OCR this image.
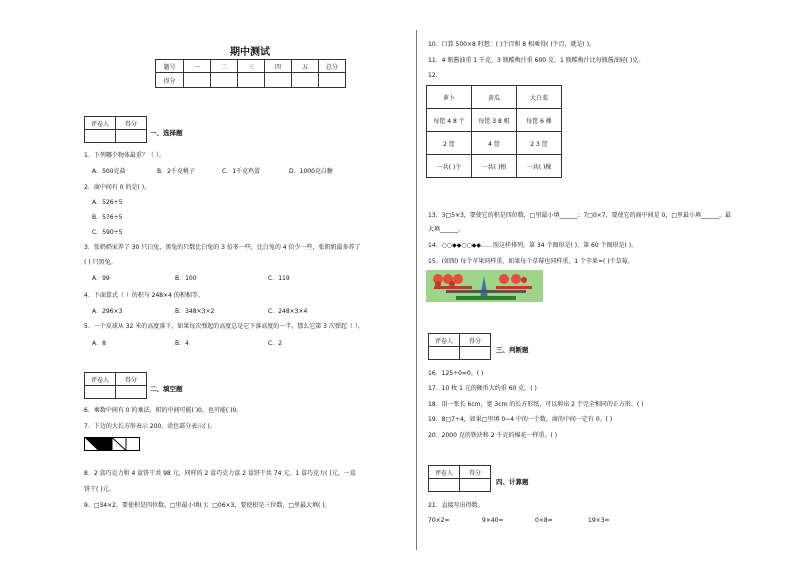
期中测试
题号	一	二	三	四	五	总分
得分						
评卷人	得分

一、选择题
1．下列哪个物体最重？（ ）。
A．500克盐	B．2千克桃子	C．1千克鸡蛋	D．1000克白糖
2．商中间有 0 的是( )。
A．526÷5
B．576÷5
C．590÷5
3．张奶奶家养了 30 只白兔，黑兔的只数比白兔的 3 倍多一些，比白兔的 4 倍少一些，张奶奶最多养了
( ) 只黑兔。
A．99	B．100	C．119
4．下面算式（ ）的积与 248×4 的积相等。
A．296×3	B．348×3×2	C．248×3×4
5．一个皮球从 32 米的高度落下，如果每次弹起的高度总是它下落高度的一半，那么它第 3 次弹起（ ）。
A．8	B．4	C．2
评卷人	得分

二、填空题
6．乘数中间有 0 的乘法，积的中间可能( )0，也可能( )0。
7．下边的大长方形表示 200，涂色部分表示( )。
8．2 盒巧克力和 4 盒饼干共 98 元，同样的 2 盒巧克力盒 2 盒饼干共 74 元。1 盒巧克力( )元，一盒
饼干( )元。
9．□34×2，要使积是四位数，□里最小填( )；□06×3，要使积是三位数，□里最大填( )。
10．口算 500×8 时想：( )个百和 8 相乘得( )个百，就是( )。
11．4 瓶酱油重 1 千克，3 瓶酷梅汁重 600 克，1 瓶酷梅汁比每瓶酱油轻( )克。
12．
萝卜	黄瓜	大白菜
每筐 4 8 个	每筐 3 8 根	每筐 6 棵
2 筐	4 筐	2 3 筐
一共( )个	一共( )根	一共( )棵
13．3□5×3，要使它的积是四位数，□里最小填______；7□0×7，要使它的商中间是 0，□里最小填______，最
大填______。
14．○○◆◆○○◆◆……照这样排列，第 34 个图形是( )，第 60 个图形是( )。
15．(如图) 每个苹果同样重，如果每个草莓也同样重，1 个苹果=( )个草莓。
评卷人	得分

三、判断题
16．125÷0=0。( )
17．10 枚 1 元的硬币大约重 60 克。( )
18．用一张长 6cm，宽 3cm 的长方形纸，可以剪出 2 个完全相同的正方形。( )
19．8□7÷4，如果□里填 0~4 中的一个数，商的中间一定有 0。( )
20．2000 克的铁块和 2 千克的棉花一样重。( )
评卷人	得分

四、计算题
21．直接写出得数。
70×2=	9×40=	0×8=	19×3=
